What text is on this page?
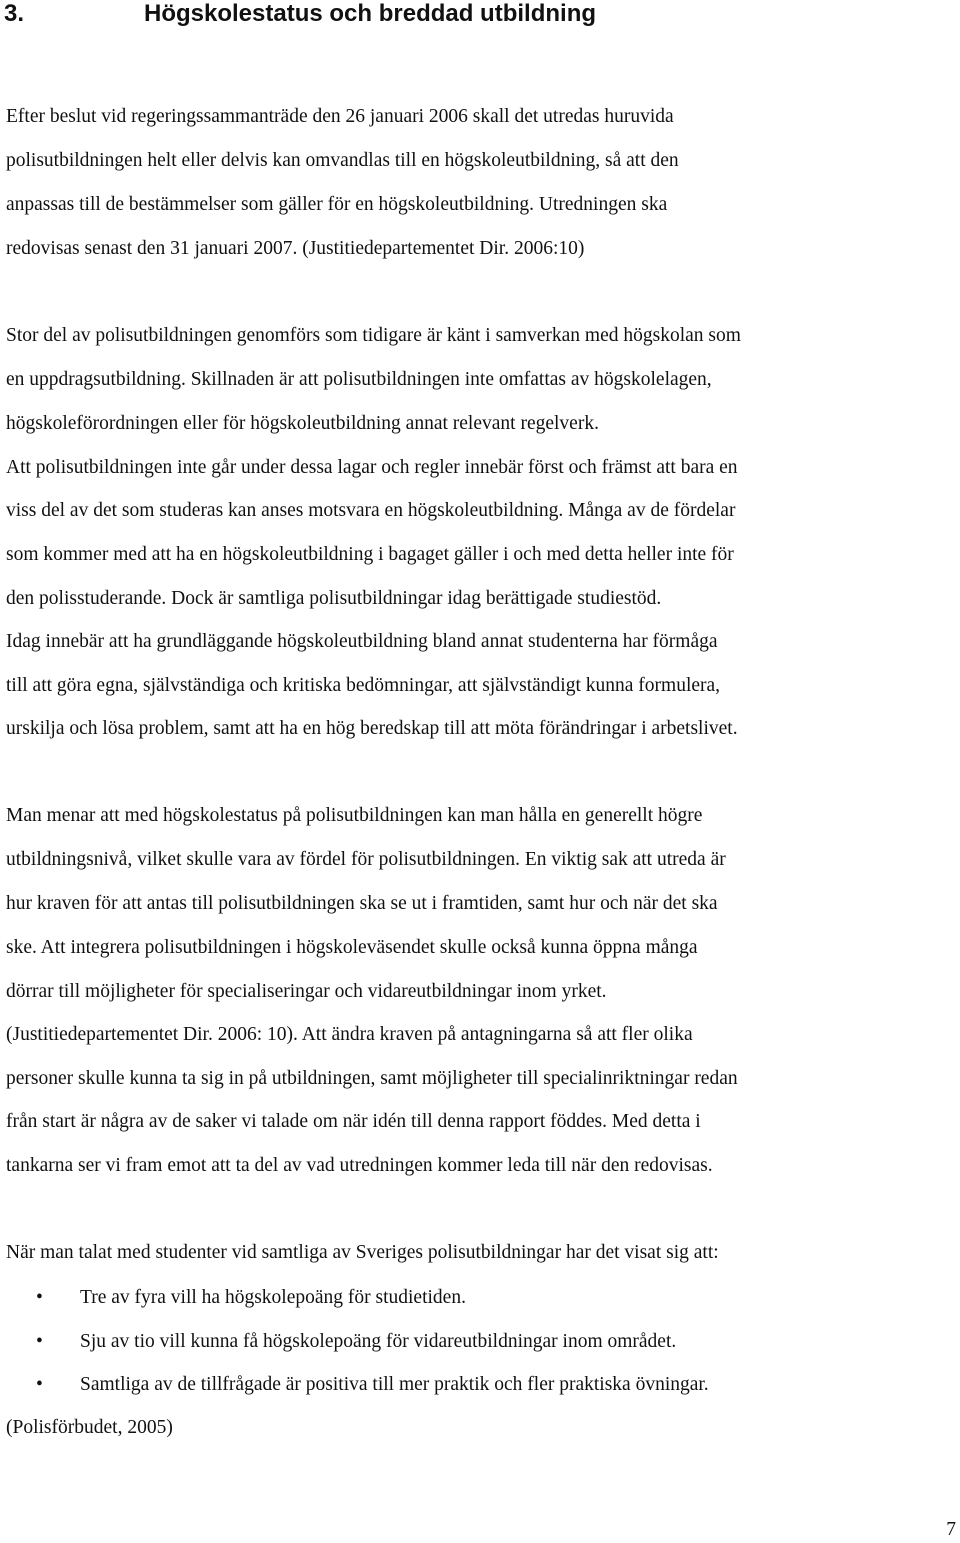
3.	Högskolestatus och breddad utbildning
Efter beslut vid regeringssammanträde den 26 januari 2006 skall det utredas huruvida
polisutbildningen helt eller delvis kan omvandlas till en högskoleutbildning, så att den
anpassas till de bestämmelser som gäller för en högskoleutbildning. Utredningen ska
redovisas senast den 31 januari 2007. (Justitiedepartementet Dir. 2006:10)
Stor del av polisutbildningen genomförs som tidigare är känt i samverkan med högskolan som
en uppdragsutbildning. Skillnaden är att polisutbildningen inte omfattas av högskolelagen,
högskoleförordningen eller för högskoleutbildning annat relevant regelverk.
Att polisutbildningen inte går under dessa lagar och regler innebär först och främst att bara en
viss del av det som studeras kan anses motsvara en högskoleutbildning. Många av de fördelar
som kommer med att ha en högskoleutbildning i bagaget gäller i och med detta heller inte för
den polisstuderande. Dock är samtliga polisutbildningar idag berättigade studiestöd.
Idag innebär att ha grundläggande högskoleutbildning bland annat studenterna har förmåga
till att göra egna, självständiga och kritiska bedömningar, att självständigt kunna formulera,
urskilja och lösa problem, samt att ha en hög beredskap till att möta förändringar i arbetslivet.
Man menar att med högskolestatus på polisutbildningen kan man hålla en generellt högre
utbildningsnivå, vilket skulle vara av fördel för polisutbildningen. En viktig sak att utreda är
hur kraven för att antas till polisutbildningen ska se ut i framtiden, samt hur och när det ska
ske. Att integrera polisutbildningen i högskoleväsendet skulle också kunna öppna många
dörrar till möjligheter för specialiseringar och vidareutbildningar inom yrket.
(Justitiedepartementet Dir. 2006: 10). Att ändra kraven på antagningarna så att fler olika
personer skulle kunna ta sig in på utbildningen, samt möjligheter till specialinriktningar redan
från start är några av de saker vi talade om när idén till denna rapport föddes. Med detta i
tankarna ser vi fram emot att ta del av vad utredningen kommer leda till när den redovisas.
När man talat med studenter vid samtliga av Sveriges polisutbildningar har det visat sig att:
• Tre av fyra vill ha högskolepoäng för studietiden.
• Sju av tio vill kunna få högskolepoäng för vidareutbildningar inom området.
• Samtliga av de tillfrågade är positiva till mer praktik och fler praktiska övningar.
(Polisförbudet, 2005)
7
